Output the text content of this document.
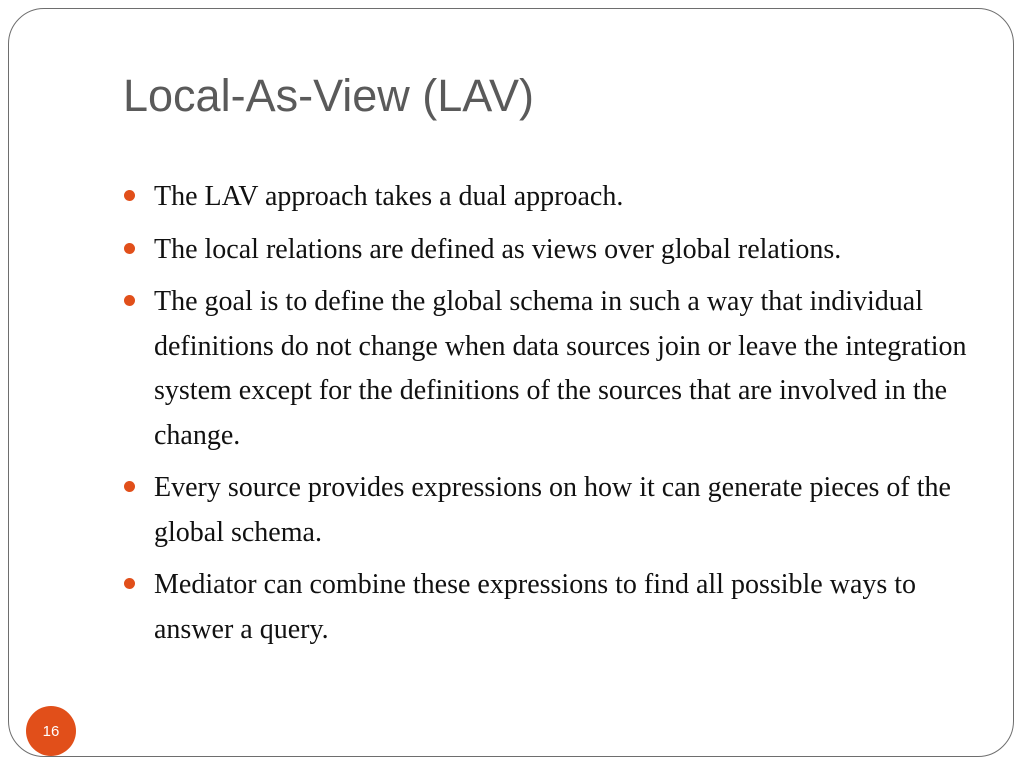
Local-As-View (LAV)
The LAV approach takes a dual approach.
The local relations are defined as views over global relations.
The goal is to define the global schema in such a way that individual definitions do not change when data sources join or leave the integration system except for the definitions of the sources that are involved in the change.
Every source provides expressions on how it can generate pieces of the global schema.
Mediator can combine these expressions to find all possible ways to answer a query.
16
